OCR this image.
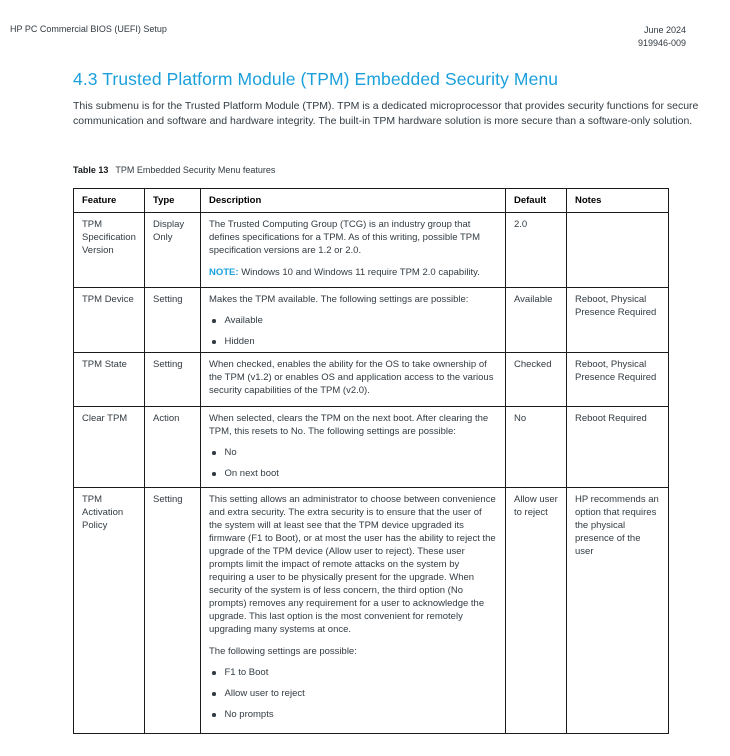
HP PC Commercial BIOS (UEFI) Setup	June 2024
919946-009
4.3 Trusted Platform Module (TPM) Embedded Security Menu

This submenu is for the Trusted Platform Module (TPM). TPM is a dedicated microprocessor that provides security functions for secure communication and software and hardware integrity. The built-in TPM hardware solution is more secure than a software-only solution.

Table 13 TPM Embedded Security Menu features

Feature	Type	Description	Default	Notes
TPM Specification Version	Display Only	The Trusted Computing Group (TCG) is an industry group that defines specifications for a TPM. As of this writing, possible TPM specification versions are 1.2 or 2.0.

NOTE: Windows 10 and Windows 11 require TPM 2.0 capability.	2.0	
TPM Device	Setting	Makes the TPM available. The following settings are possible:

Available
Hidden	Available	Reboot, Physical Presence Required
TPM State	Setting	When checked, enables the ability for the OS to take ownership of the TPM (v1.2) or enables OS and application access to the various security capabilities of the TPM (v2.0).	Checked	Reboot, Physical Presence Required
Clear TPM	Action	When selected, clears the TPM on the next boot. After clearing the TPM, this resets to No. The following settings are possible:

No
On next boot	No	Reboot Required
TPM Activation Policy	Setting	This setting allows an administrator to choose between convenience and extra security. The extra security is to ensure that the user of the system will at least see that the TPM device upgraded its firmware (F1 to Boot), or at most the user has the ability to reject the upgrade of the TPM device (Allow user to reject). These user prompts limit the impact of remote attacks on the system by requiring a user to be physically present for the upgrade. When security of the system is of less concern, the third option (No prompts) removes any requirement for a user to acknowledge the upgrade. This last option is the most convenient for remotely upgrading many systems at once.

The following settings are possible:

F1 to Boot
Allow user to reject
No prompts	Allow user to reject	HP recommends an option that requires the physical presence of the user
